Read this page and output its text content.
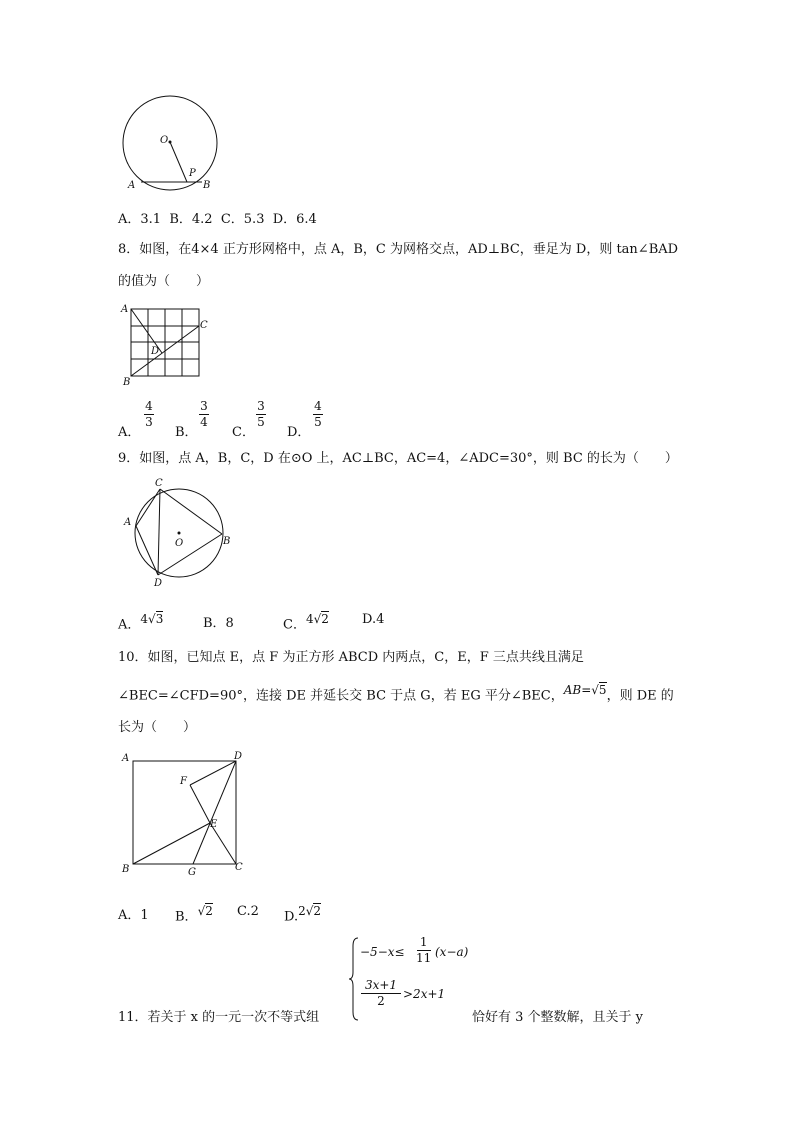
O
P
A	B
A．3.1 B．4.2 C．5.3 D．6.4
8．如图，在4×4 正方形网格中，点 A，B，C 为网格交点，AD⊥BC，垂足为 D，则 tan∠BAD
的值为（　　）
A
C
D
B
A．
4
3
B．
3
4
C．
3
5
D．
4
5
9．如图，点 A，B，C，D 在⊙O 上，AC⊥BC，AC=4，∠ADC=30°，则 BC 的长为（　　）
C
A
O	B
D
A．$^{4√3}$	B．8	C．$^{4√2}$	D.4
10．如图，已知点 E，点 F 为正方形 ABCD 内两点，C，E，F 三点共线且满足
∠BEC=∠CFD=90°，连接 DE 并延长交 BC 于点 G，若 EG 平分∠BEC，$^{AB=√5}$，则 DE 的
长为（　　）
A	D
F
E
B	G	C
A．1 B．$^{√2}$ C.2 D.$^{2√2}$
11．若关于 x 的一元一次不等式组
−5−x≤
1
11 (x−a)
3x+1
2 >2x+1
恰好有 3 个整数解，且关于 y
